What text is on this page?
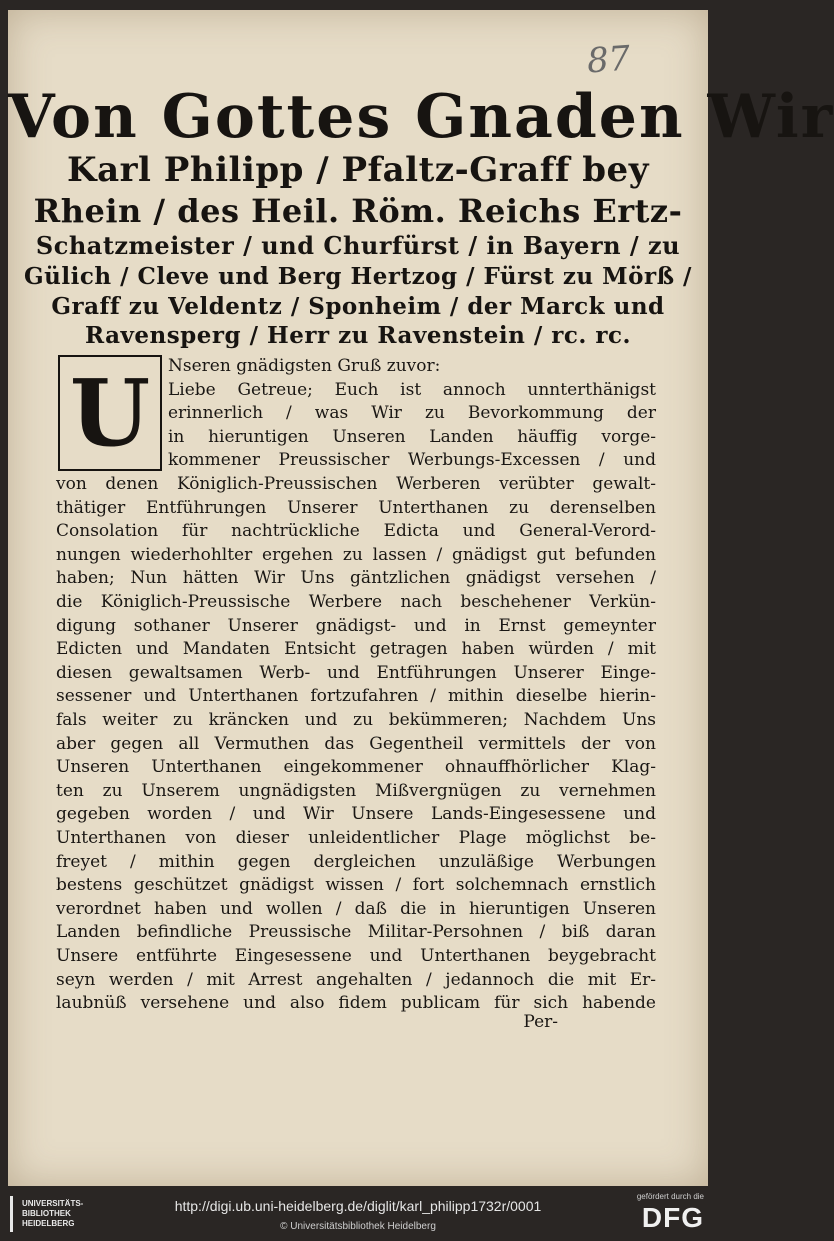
87
Von Gottes Gnaden Wir
Karl Philipp / Pfaltz-Graff bey
Rhein / des Heil. Röm. Reichs Ertz-
Schatzmeister / und Churfürst / in Bayern / zu
Gülich / Cleve und Berg Hertzog / Fürst zu Mörß /
Graff zu Veldentz / Sponheim / der Marck und
Ravensperg / Herr zu Ravenstein / rc. rc.
U Nseren gnädigsten Gruß zuvor:
Liebe Getreue; Euch ist annoch unnterthänigst
erinnerlich / was Wir zu Bevorkommung der
in hieruntigen Unseren Landen häuffig vorge-
kommener Preussischer Werbungs-Excessen / und
von denen Königlich-Preussischen Werberen verübter gewalt-
thätiger Entführungen Unserer Unterthanen zu derenselben
Consolation für nachtrückliche Edicta und General-Verord-
nungen wiederhohlter ergehen zu lassen / gnädigst gut befunden
haben; Nun hätten Wir Uns gäntzlichen gnädigst versehen /
die Königlich-Preussische Werbere nach beschehener Verkün-
digung sothaner Unserer gnädigst- und in Ernst gemeynter
Edicten und Mandaten Entsicht getragen haben würden / mit
diesen gewaltsamen Werb- und Entführungen Unserer Einge-
sessener und Unterthanen fortzufahren / mithin dieselbe hierin-
fals weiter zu kräncken und zu bekümmeren; Nachdem Uns
aber gegen all Vermuthen das Gegentheil vermittels der von
Unseren Unterthanen eingekommener ohnauffhörlicher Klag-
ten zu Unserem ungnädigsten Mißvergnügen zu vernehmen
gegeben worden / und Wir Unsere Lands-Eingesessene und
Unterthanen von dieser unleidentlicher Plage möglichst be-
freyet / mithin gegen dergleichen unzuläßige Werbungen
bestens geschützet gnädigst wissen / fort solchemnach ernstlich
verordnet haben und wollen / daß die in hieruntigen Unseren
Landen befindliche Preussische Militar-Persohnen / biß daran
Unsere entführte Eingesessene und Unterthanen beygebracht
seyn werden / mit Arrest angehalten / jedannoch die mit Er-
laubnüß versehene und also fidem publicam für sich habende
Per-
UNIVERSITÄTS-
BIBLIOTHEK
HEIDELBERG
http://digi.ub.uni-heidelberg.de/diglit/karl_philipp1732r/0001
© Universitätsbibliothek Heidelberg
gefördert durch die
DFG
